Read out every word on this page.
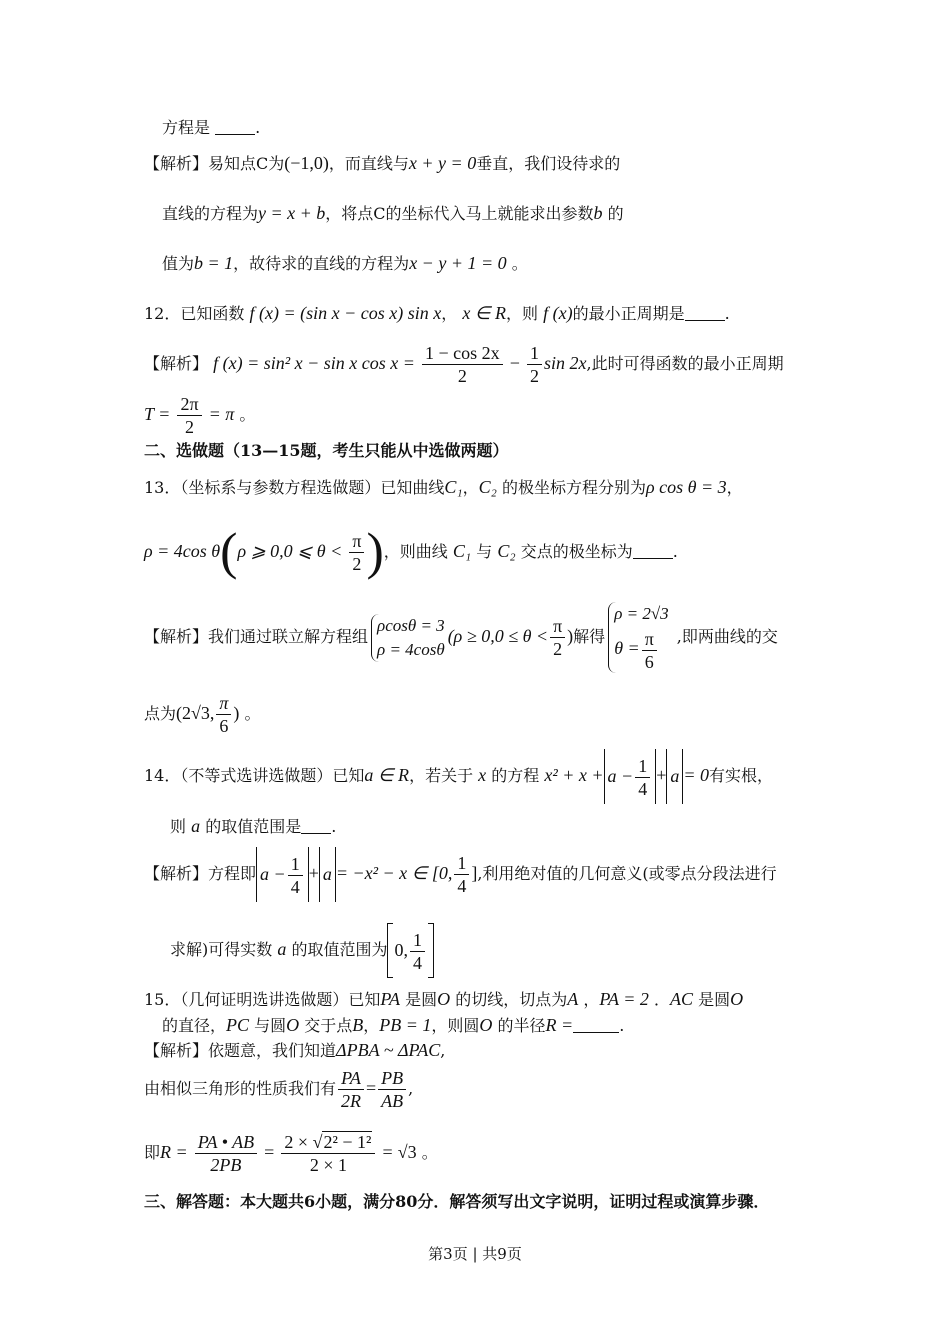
方程是	.
【解析】易知点C为(−1,0)，而直线与x + y = 0垂直，我们设待求的
直线的方程为y = x + b，将点C的坐标代入马上就能求出参数b 的
值为b = 1，故待求的直线的方程为x − y + 1 = 0 。
12．已知函数 f (x) = (sin x − cos x) sin x， x ∈ R，则 f (x)的最小正周期是	.
【解析】 f (x) = sin² x − sin x $\cos x = \frac{1 - \cos 2x}{2} - \frac{1}{2}$ sin 2x,此时可得函数的最小正周期
$T = \frac{2\pi}{2} = \pi$ 。
二、选做题（13—15题，考生只能从中选做两题）
13．（坐标系与参数方程选做题）已知曲线C₁，C₂ 的极坐标方程分别为ρ cos θ = 3，
ρ = 4cos θ(ρ ⩾ 0,0 ⩽ $\theta < \frac{\pi}{2}$ )，则曲线 C₁ 与 C₂ 交点的极坐标为	.
【解析】我们通过联立解方程组
ρcosθ = 3
ρ = 4cosθ
($\rho \ge 0,0 \le \theta < \frac{\pi}{2}$ )解得
ρ = 2√3
$\theta = \frac{\pi}{6}$ ,即两曲线的交
点为(2√3, $\frac{\pi}{6}$ ) 。
14．（不等式选讲选做题）已知a ∈ R，若关于 x 的方程 $x^2 + x + a - \frac{1}{4} + a = 0$有实根，
则 a 的取值范围是 .
【解析】方程即 $a - \frac{1}{4} + a = -x^2 - x$ ∈ [0, $\frac{1}{4}$ ],利用绝对值的几何意义(或零点分段法进行
求解)可得实数 a 的取值范围为 0, $\frac{1}{4}$
15．（几何证明选讲选做题）已知PA 是圆O 的切线，切点为A ，PA = 2 ．AC 是圆O
的直径，PC 与圆O 交于点B，PB = 1，则圆O 的半径R =	.
【解析】依题意，我们知道ΔPBA ~ ΔPAC,
由相似三角形的性质我们有 $\frac{PA}{2R} = \frac{PB}{AB}$ ,
即$R = \frac{PA • AB}{2PB} = \frac{\text{2 × √2² − 1²}}{2 \times 1} = √3$ 。
三、解答题：本大题共6小题，满分80分．解答须写出文字说明，证明过程或演算步骤．
第3页 | 共9页
